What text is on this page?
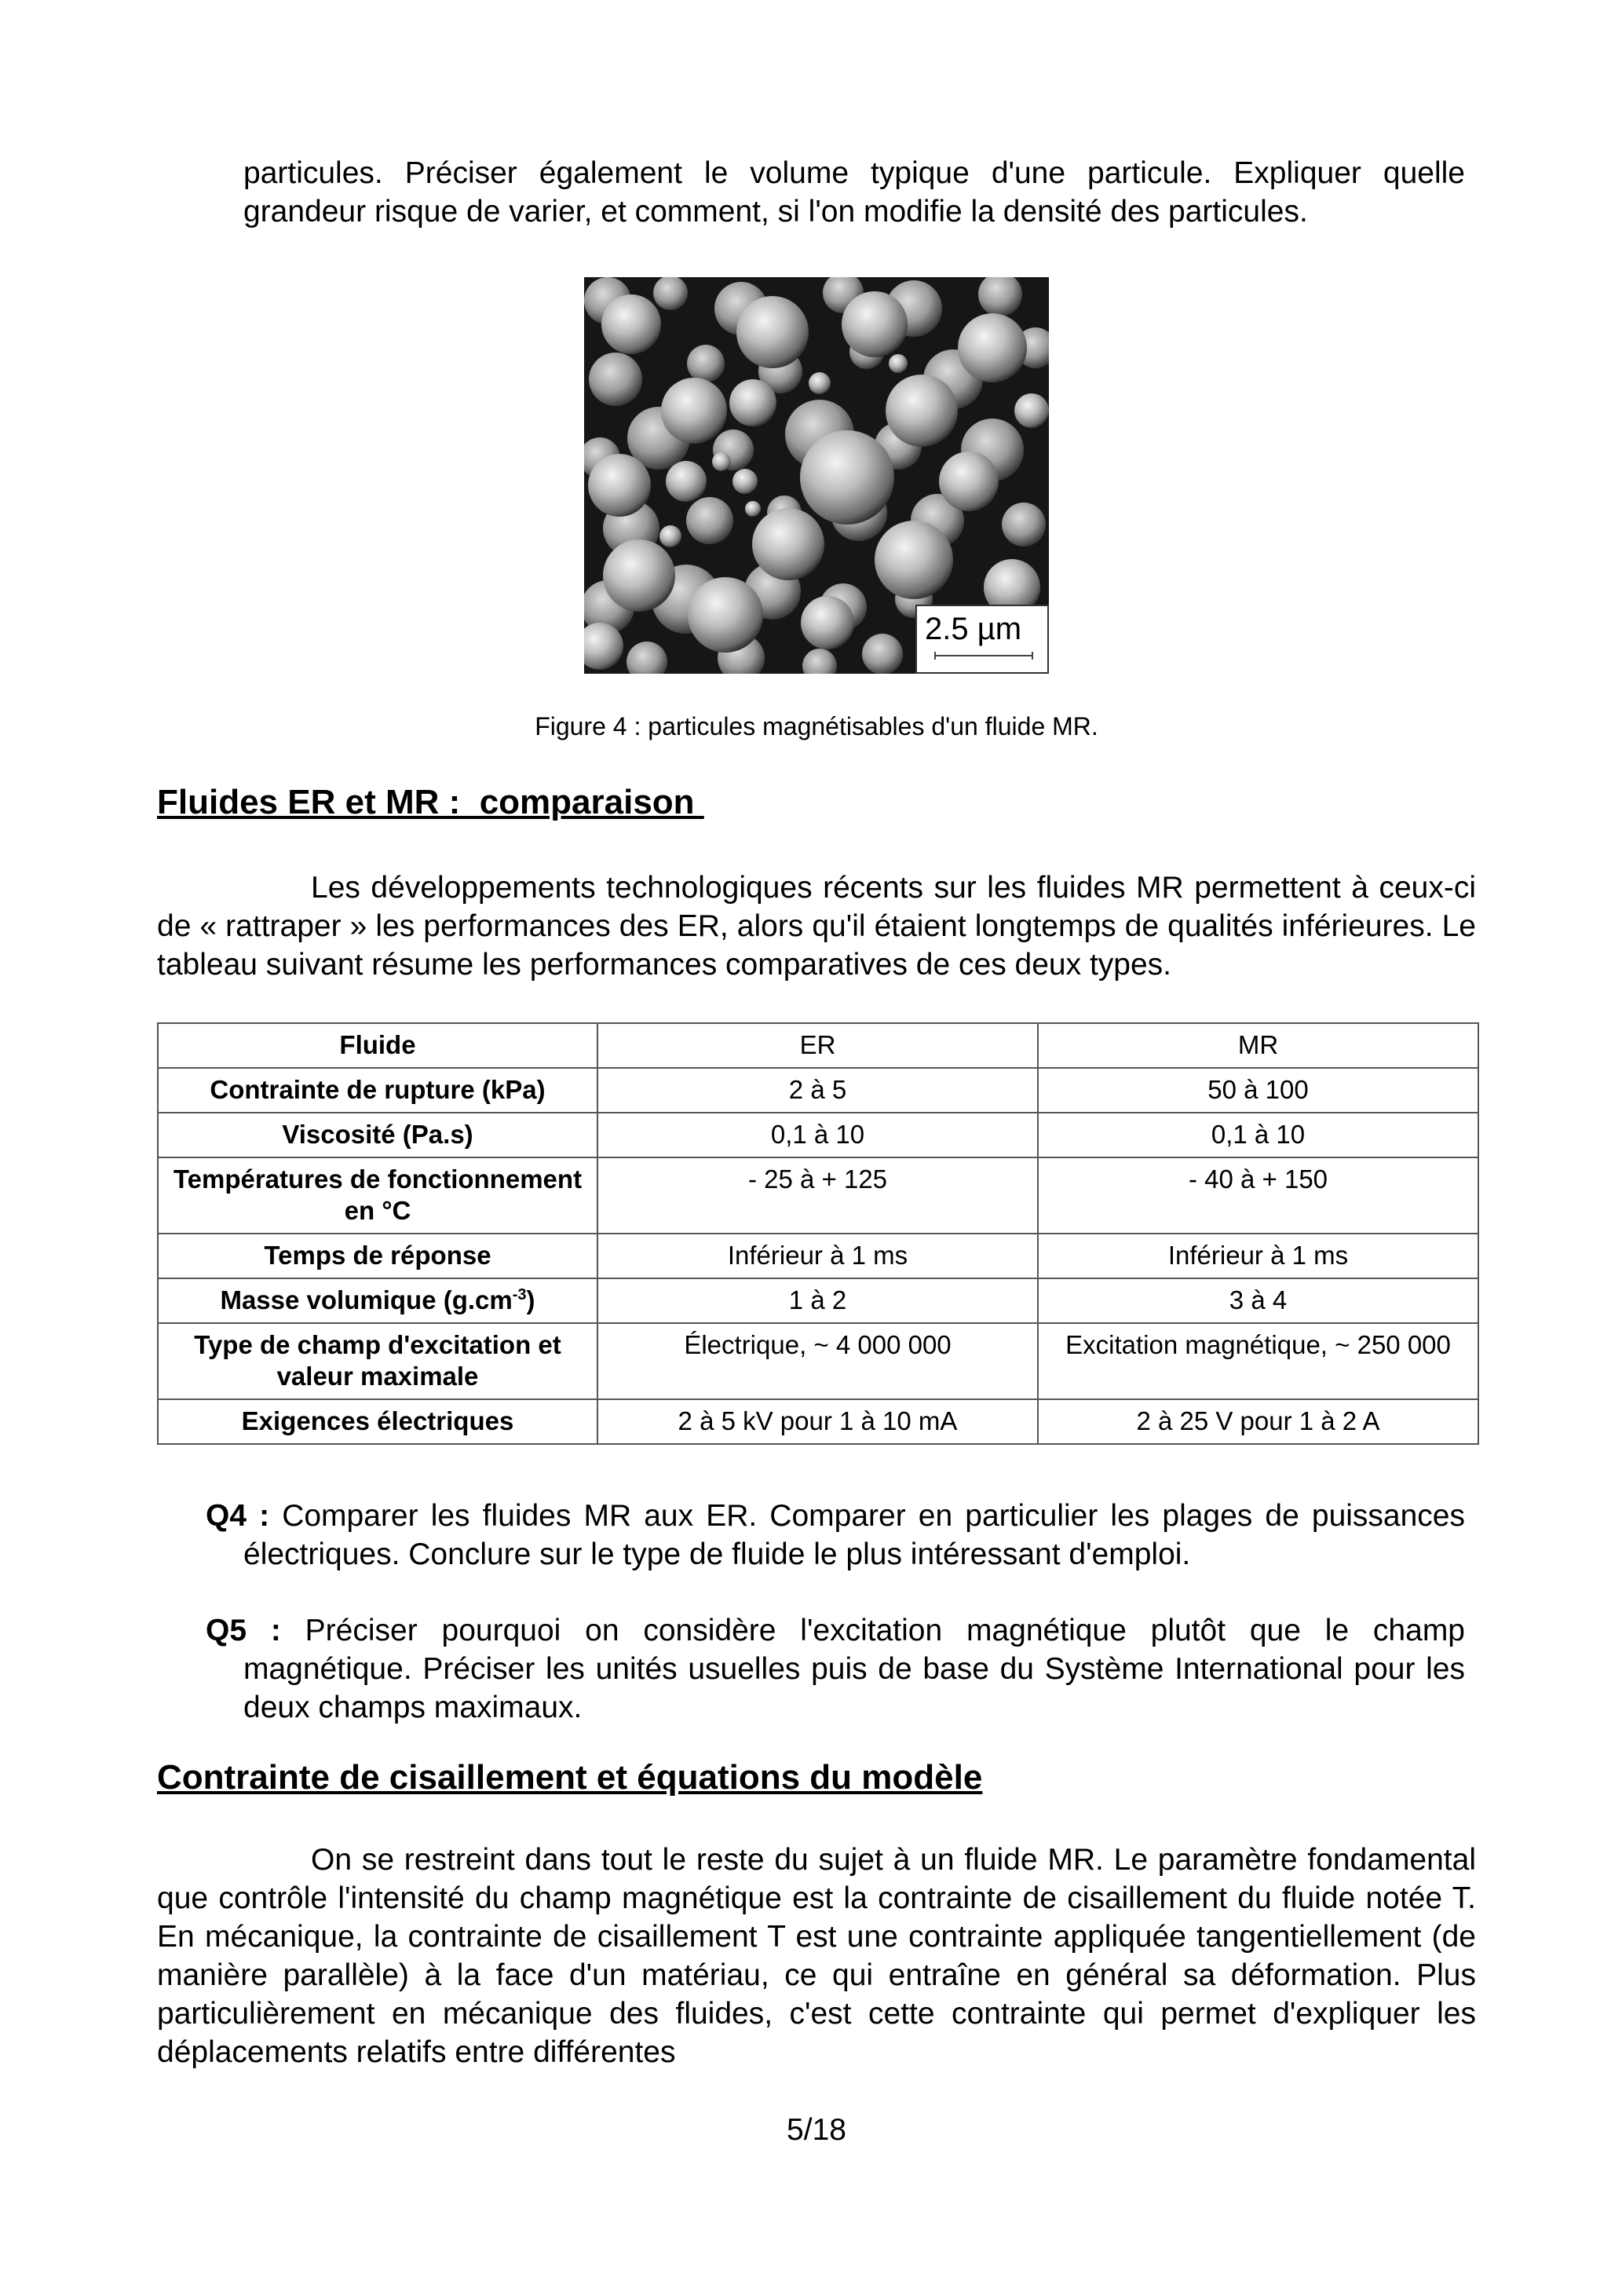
particules. Préciser également le volume typique d'une particule. Expliquer quelle grandeur risque de varier, et comment, si l'on modifie la densité des particules.

2.5 µm
Figure 4 : particules magnétisables d'un fluide MR.
Fluides ER et MR :  comparaison

Les développements technologiques récents sur les fluides MR permettent à ceux-ci de « rattraper » les performances des ER, alors qu'il étaient longtemps de qualités inférieures. Le tableau suivant résume les performances comparatives de ces deux types.

Fluide	ER	MR
Contrainte de rupture (kPa)	2 à 5	50 à 100
Viscosité (Pa.s)	0,1 à 10	0,1 à 10
Températures de fonctionnement en °C	- 25 à + 125	- 40 à + 150
Temps de réponse	Inférieur à 1 ms	Inférieur à 1 ms
Masse volumique $(g.cm^{-3})$	1 à 2	3 à 4
Type de champ d'excitation et valeur maximale	Électrique, ~ 4 000 000	Excitation magnétique, ~ 250 000
Exigences électriques	2 à 5 kV pour 1 à 10 mA	2 à 25 V pour 1 à 2 A

Q4 : Comparer les fluides MR aux ER. Comparer en particulier les plages de puissances électriques. Conclure sur le type de fluide le plus intéressant d'emploi.

Q5 : Préciser pourquoi on considère l'excitation magnétique plutôt que le champ magnétique. Préciser les unités usuelles puis de base du Système International pour les deux champs maximaux.

Contrainte de cisaillement et équations du modèle

On se restreint dans tout le reste du sujet à un fluide MR. Le paramètre fondamental que contrôle l'intensité du champ magnétique est la contrainte de cisaillement du fluide notée T. En mécanique, la contrainte de cisaillement T est une contrainte appliquée tangentiellement (de manière parallèle) à la face d'un matériau, ce qui entraîne en général sa déformation. Plus particulièrement en mécanique des fluides, c'est cette contrainte qui permet d'expliquer les déplacements relatifs entre différentes

5/18
